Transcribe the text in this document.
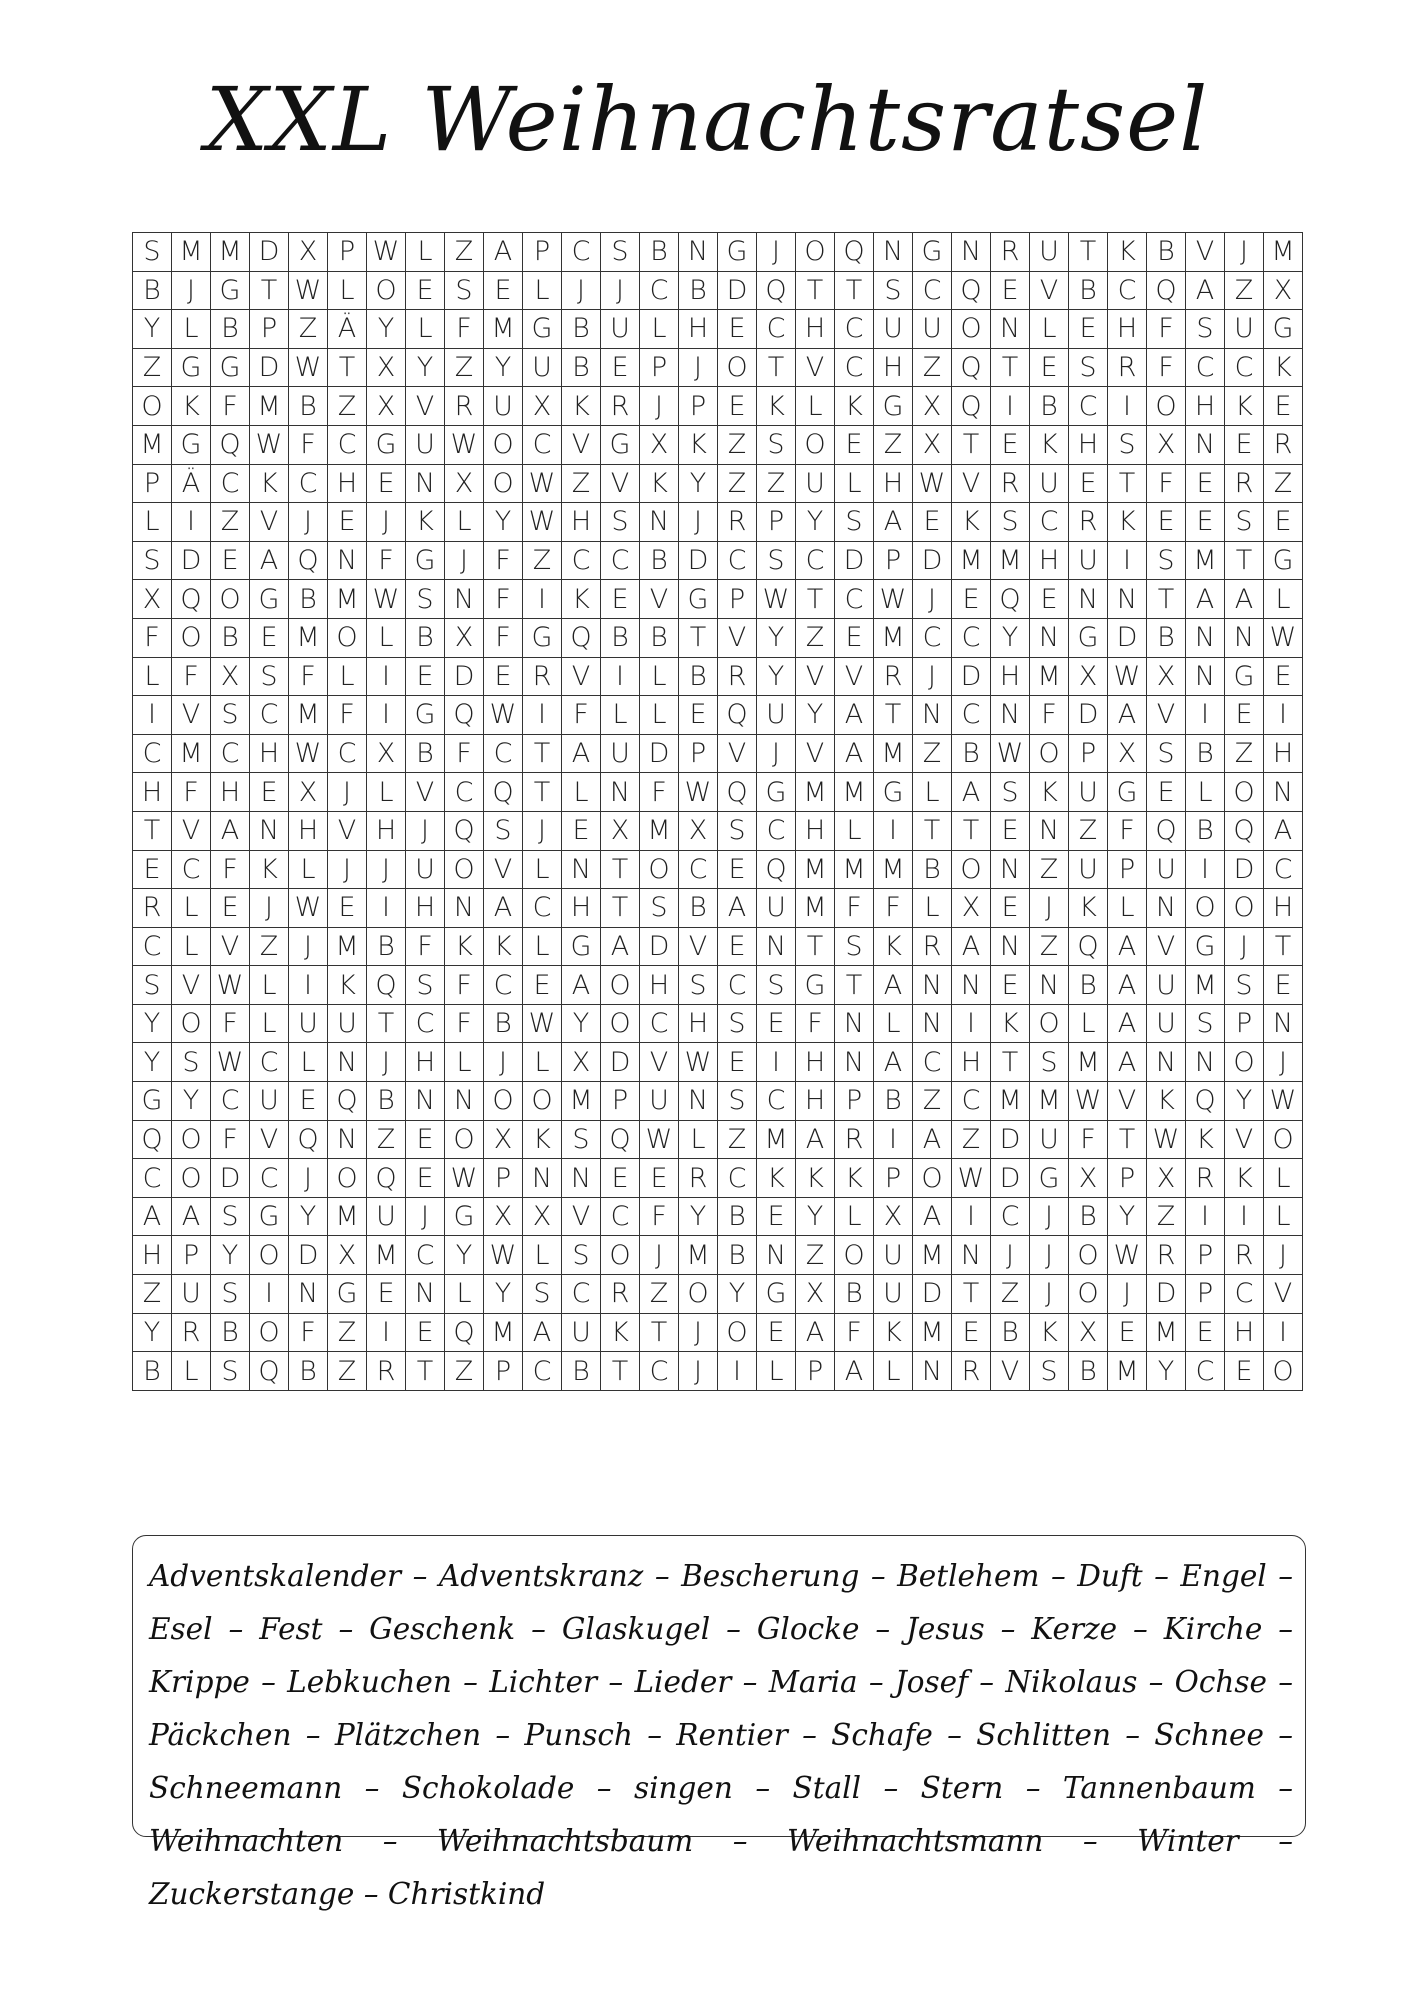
XXL Weihnachtsratsel
S M M D X P W L Z A P C S B N G J O Q N G N R U T K B V J M
B J G T W L O E S E L	J	J C B D Q T T S C Q E V B C Q A Z X
Y L B P Z Ä Y L F M G B U L H E C H C U U O N L E H F S U G
Z G G D W T X Y Z Y U B E P J O T V C H Z Q T E S R F C C K
O K F M B Z X V R U X K R J P E K L K G X Q I B C I O H K E
M G Q W F C G U W O C V G X K Z S O E Z X T E K H S X N E R
P Ä C K C H E N X O W Z V K Y Z Z U L H W V R U E T F E R Z
L	I Z V J E J K L Y W H S N J R P Y S A E K S C R K E E S E
S D E A Q N F G J	F Z C C B D C S C D P D M M H U I S M T G
X Q O G B M W S N F	I K E V G P W T C W J E Q E N N T A A L
F O B E M O L B X F G Q B B T V Y Z E M C C Y N G D B N N W
L F X S F L	I E D E R V I	L B R Y V V R J D H M X W X N G E
I V S C M F	I G Q W I	F L L E Q U Y A T N C N F D A V I E I
C M C H W C X B F C T A U D P V J V A M Z B W O P X S B Z H
H F H E X J	L V C Q T L N F W Q G M M G L A S K U G E L O N
T V A N H V H J Q S J E X M X S C H L	I T T E N Z F Q B Q A
E C F K L	J	J U O V L N T O C E Q M M M B O N Z U P U I D C
R L E J W E I H N A C H T S B A U M F F L X E J K L N O O H
C L V Z J M B F K K L G A D V E N T S K R A N Z Q A V G J T
S V W L	I K Q S F C E A O H S C S G T A N N E N B A U M S E
Y O F L U U T C F B W Y O C H S E F N L N I K O L A U S P N
Y S W C L N J H L	J	L X D V W E I H N A C H T S M A N N O J
G Y C U E Q B N N O O M P U N S C H P B Z C M M W V K Q Y W
Q O F V Q N Z E O X K S Q W L Z M A R I A Z D U F T W K V O
C O D C J O Q E W P N N E E R C K K K P O W D G X P X R K L
A A S G Y M U J G X X V C F Y B E Y L X A I C J B Y Z I	I	L
H P Y O D X M C Y W L S O J M B N Z O U M N J	J O W R P R J
Z U S I N G E N L Y S C R Z O Y G X B U D T Z J O J D P C V
Y R B O F Z I E Q M A U K T J O E A F K M E B K X E M E H I
B L S Q B Z R T Z P C B T C J	I	L P A L N R V S B M Y C E O

Adventskalender – Adventskranz – Bescherung – Betlehem – Duft – Engel – Esel – Fest – Geschenk – Glaskugel – Glocke – Jesus – Kerze – Kirche – Krippe – Lebkuchen – Lichter – Lieder – Maria – Josef – Nikolaus – Ochse – Päckchen – Plätzchen – Punsch – Rentier – Schafe – Schlitten – Schnee – Schneemann – Schokolade – singen – Stall – Stern – Tannenbaum – Weihnachten – Weihnachtsbaum – Weihnachtsmann – Winter – Zuckerstange – Christkind
